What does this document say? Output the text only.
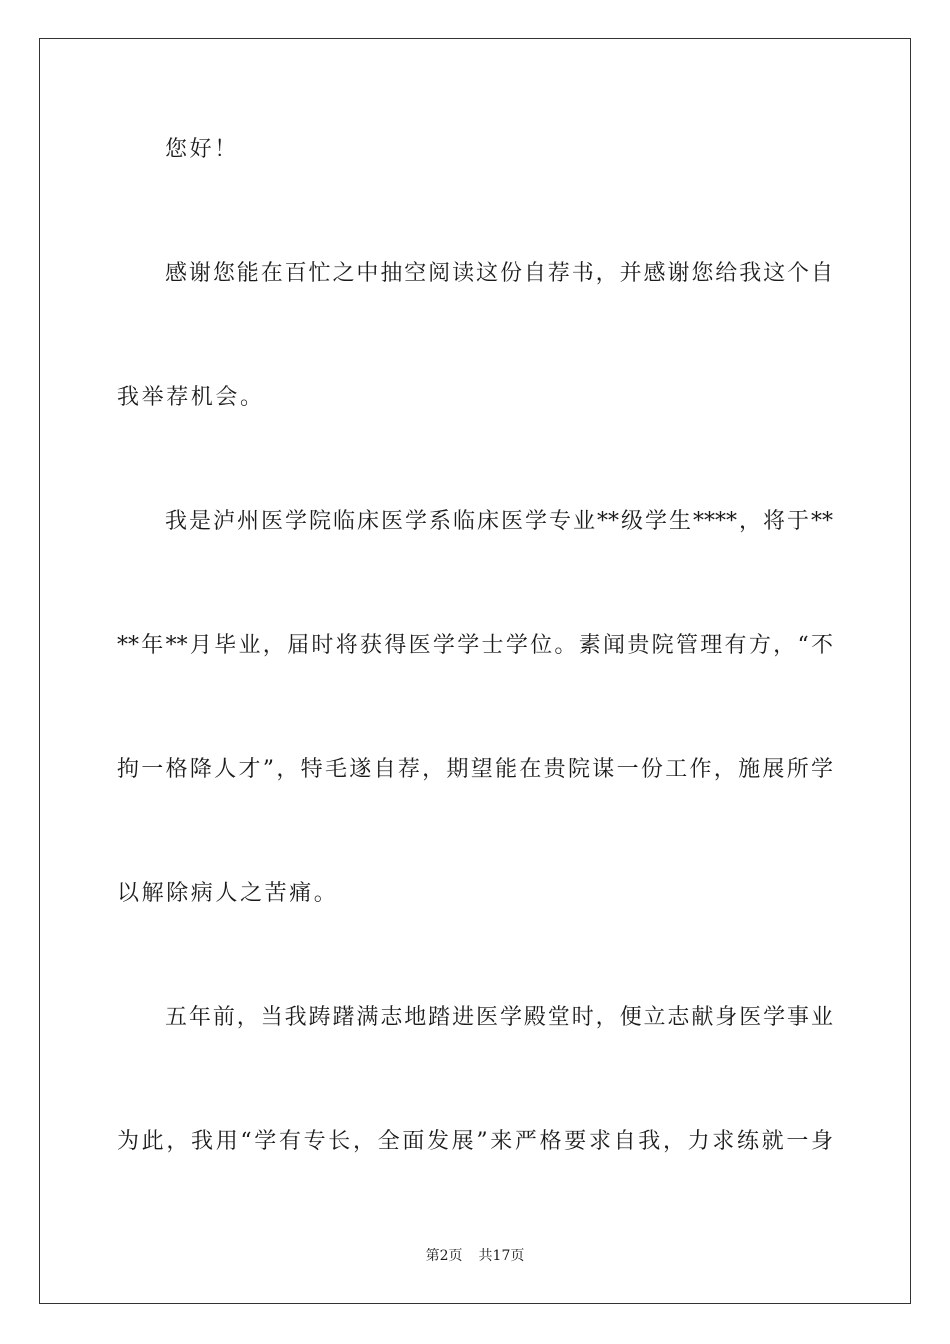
您好！
感谢您能在百忙之中抽空阅读这份自荐书，并感谢您给我这个自
我举荐机会。
我是泸州医学院临床医学系临床医学专业**级学生****，将于**
**年**月毕业，届时将获得医学学士学位。素闻贵院管理有方，“不
拘一格降人才”，特毛遂自荐，期望能在贵院谋一份工作，施展所学
以解除病人之苦痛。
五年前，当我踌躇满志地踏进医学殿堂时，便立志献身医学事业
为此，我用“学有专长，全面发展”来严格要求自我，力求练就一身
第2页 共17页
